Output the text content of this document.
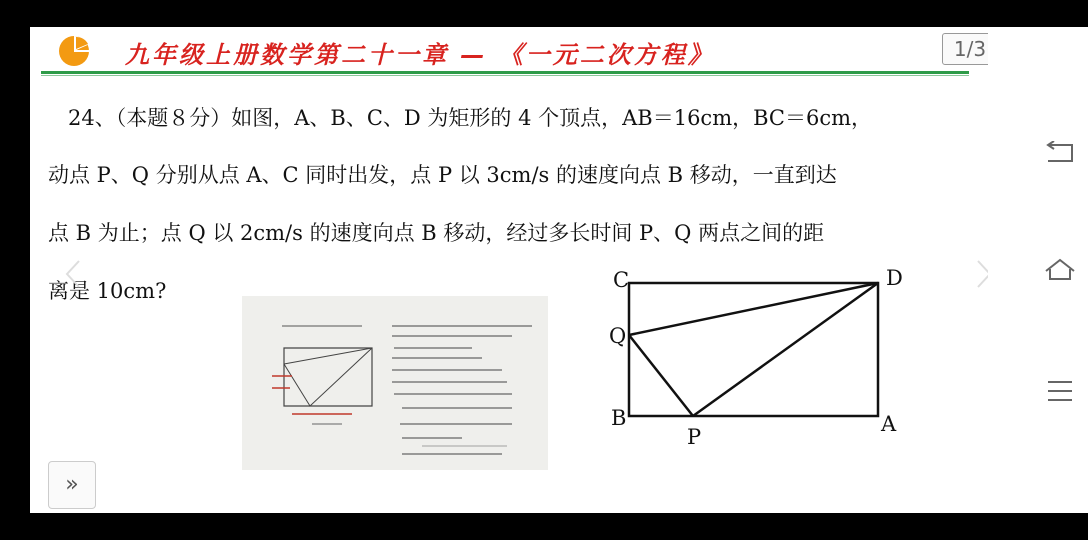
九年级上册数学第二十一章 — 《一元二次方程》	1/3
24、（本题８分）如图，A、B、C、D 为矩形的 4 个顶点，AB＝16cm，BC＝6cm，
动点 P、Q 分别从点 A、C 同时出发，点 P 以 3cm/s 的速度向点 B 移动，一直到达
点 B 为止；点 Q 以 2cm/s 的速度向点 B 移动，经过多长时间 P、Q 两点之间的距
离是 10cm?	C	D
Q
B	A
P
»
